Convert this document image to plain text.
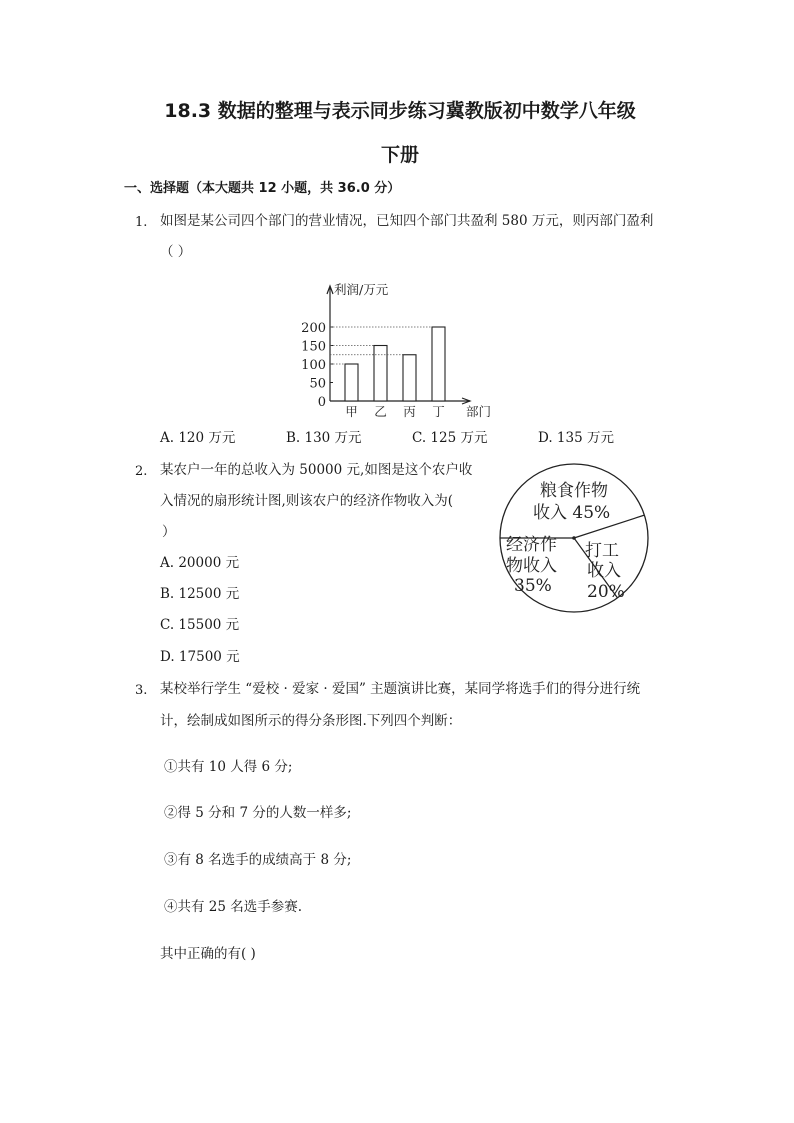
18.3 数据的整理与表示同步练习冀教版初中数学八年级
下册
一、选择题（本大题共 12 小题，共 36.0 分）
1. 如图是某公司四个部门的营业情况，已知四个部门共盈利 580 万元，则丙部门盈利
（ ）
利润/万元
部门
0
50
100
150
200
甲 乙 丙 丁
A. 120 万元	B. 130 万元	C. 125 万元	D. 135 万元
2. 某农户一年的总收入为 50000 元,如图是这个农户收
入情况的扇形统计图,则该农户的经济作物收入为(
）
粮食作物
收入 45%
打工
收入
20%
经济作
物收入
35%
A. 20000 元
B. 12500 元
C. 15500 元
D. 17500 元
3. 某校举行学生 “爱校 · 爱家 · 爱国” 主题演讲比赛，某同学将选手们的得分进行统
计，绘制成如图所示的得分条形图.下列四个判断：
①共有 10 人得 6 分;
②得 5 分和 7 分的人数一样多;
③有 8 名选手的成绩高于 8 分;
④共有 25 名选手参赛.
其中正确的有( )
